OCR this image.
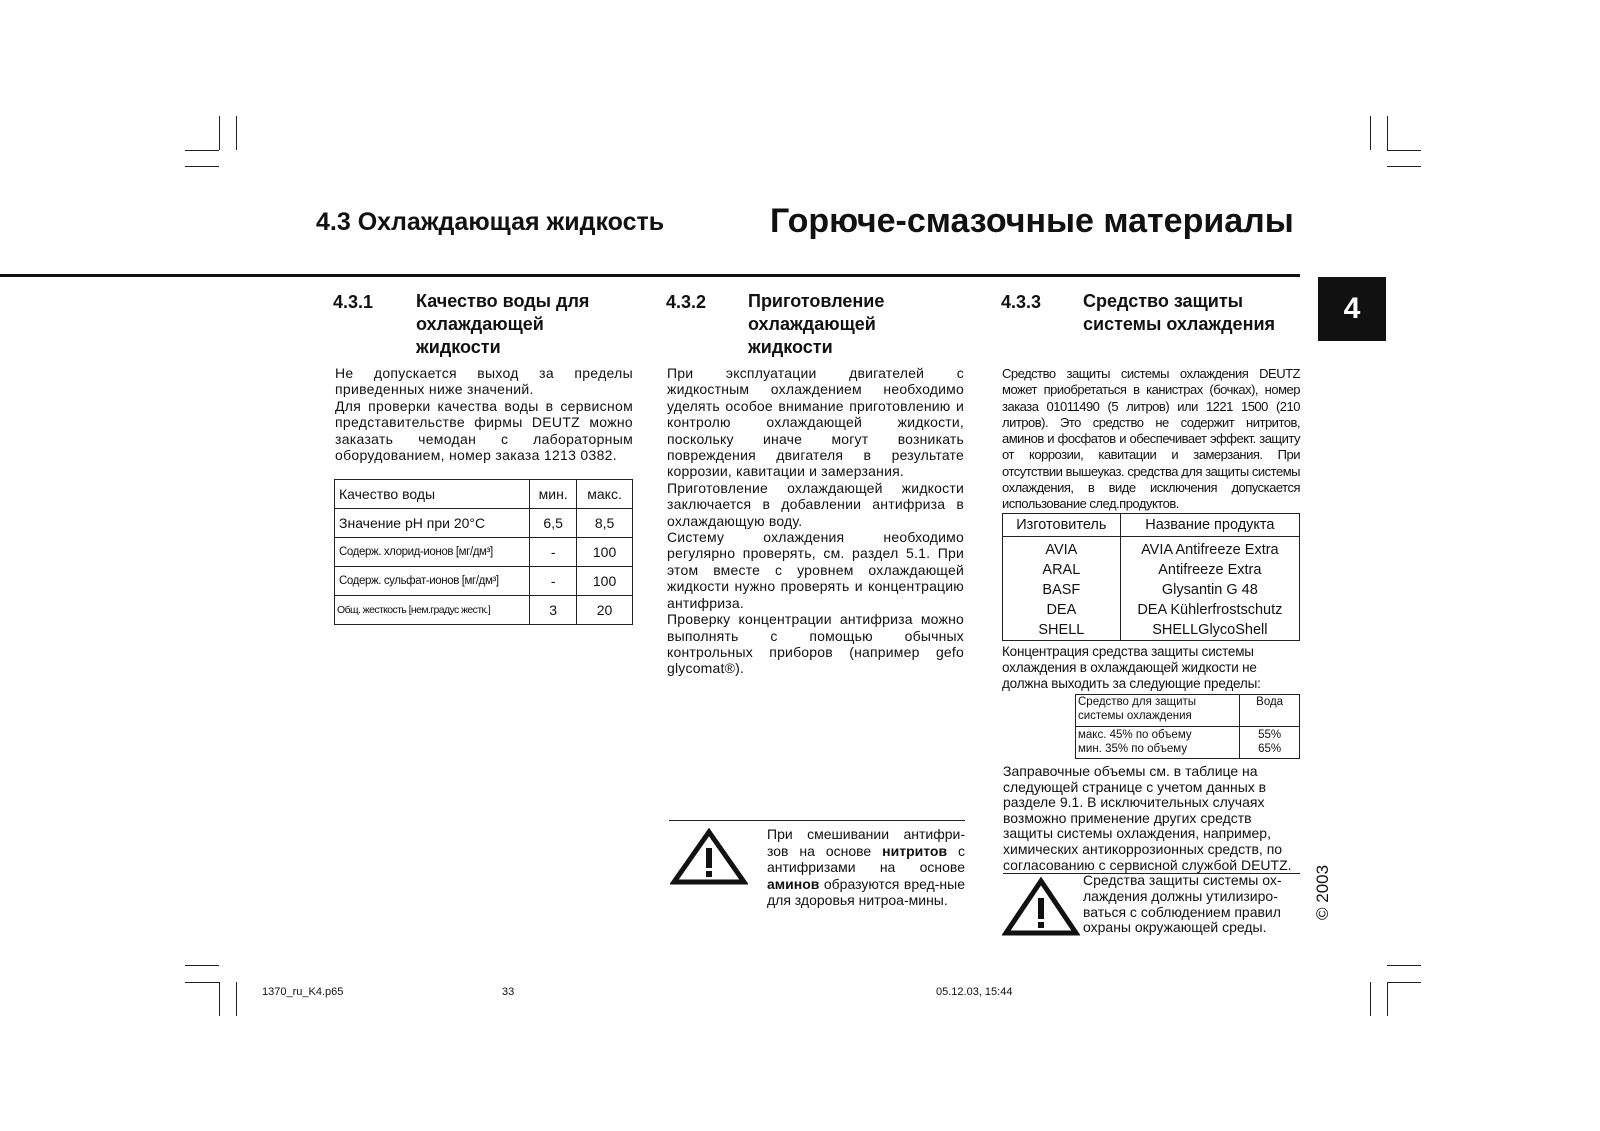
4.3 Охлаждающая жидкость	Горюче-смазочные материалы
4
4.3.1 Качество воды для
охлаждающей
жидкости
Не допускается выход за пределы приведенных ниже значений.
Для проверки качества воды в сервисном представительстве фирмы DEUTZ можно заказать чемодан с лабораторным оборудованием, номер заказа 1213 0382.
Качество воды	мин.	макс.
Значение pH при 20°C	6,5	8,5
Содерж. хлорид-ионов [мг/дм³]	-	100
Содерж. сульфат-ионов [мг/дм³]	-	100
Общ. жесткость [нем.градус жестк.]	3	20
4.3.2 Приготовление
охлаждающей
жидкости
При эксплуатации двигателей с жидкостным охлаждением необходимо уделять особое внимание приготовлению и контролю охлаждающей жидкости, поскольку иначе могут возникать повреждения двигателя в результате коррозии, кавитации и замерзания.
Приготовление охлаждающей жидкости заключается в добавлении антифриза в охлаждающую воду.
Систему охлаждения необходимо регулярно проверять, см. раздел 5.1. При этом вместе с уровнем охлаждающей жидкости нужно проверять и концентрацию антифриза.
Проверку концентрации антифриза можно выполнять с помощью обычных контрольных приборов (например gefo glycomat®).
При смешивании антифри-зов на основе нитритов с антифризами на основе аминов образуются вред-ные для здоровья нитроа-мины.
4.3.3 Средство защиты
системы охлаждения
Средство защиты системы охлаждения DEUTZ может приобретаться в канистрах (бочках), номер заказа 01011490 (5 литров) или 1221 1500 (210 литров). Это средство не содержит нитритов, аминов и фосфатов и обеспечивает эффект. защиту от коррозии, кавитации и замерзания. При отсутствии вышеуказ. средства для защиты системы охлаждения, в виде исключения допускается использование след.продуктов.
Изготовитель	Название продукта
AVIA	AVIA Antifreeze Extra
ARAL	Antifreeze Extra
BASF	Glysantin G 48
DEA	DEA Kühlerfrostschutz
SHELL	SHELLGlycoShell
Концентрация средства защиты системы охлаждения в охлаждающей жидкости не должна выходить за следующие пределы:
Средство для защиты системы охлаждения	Вода
макс. 45% по объему	55%
мин. 35% по объему	65%
Заправочные объемы см. в таблице на следующей странице с учетом данных в разделе 9.1. В исключительных случаях возможно применение других средств защиты системы охлаждения, например, химических антикоррозионных средств, по согласованию с сервисной службой DEUTZ.
Средства защиты системы ох-лаждения должны утилизиро-ваться с соблюдением правил охраны окружающей среды.
© 2003
1370_ru_K4.p65	33	05.12.03, 15:44
